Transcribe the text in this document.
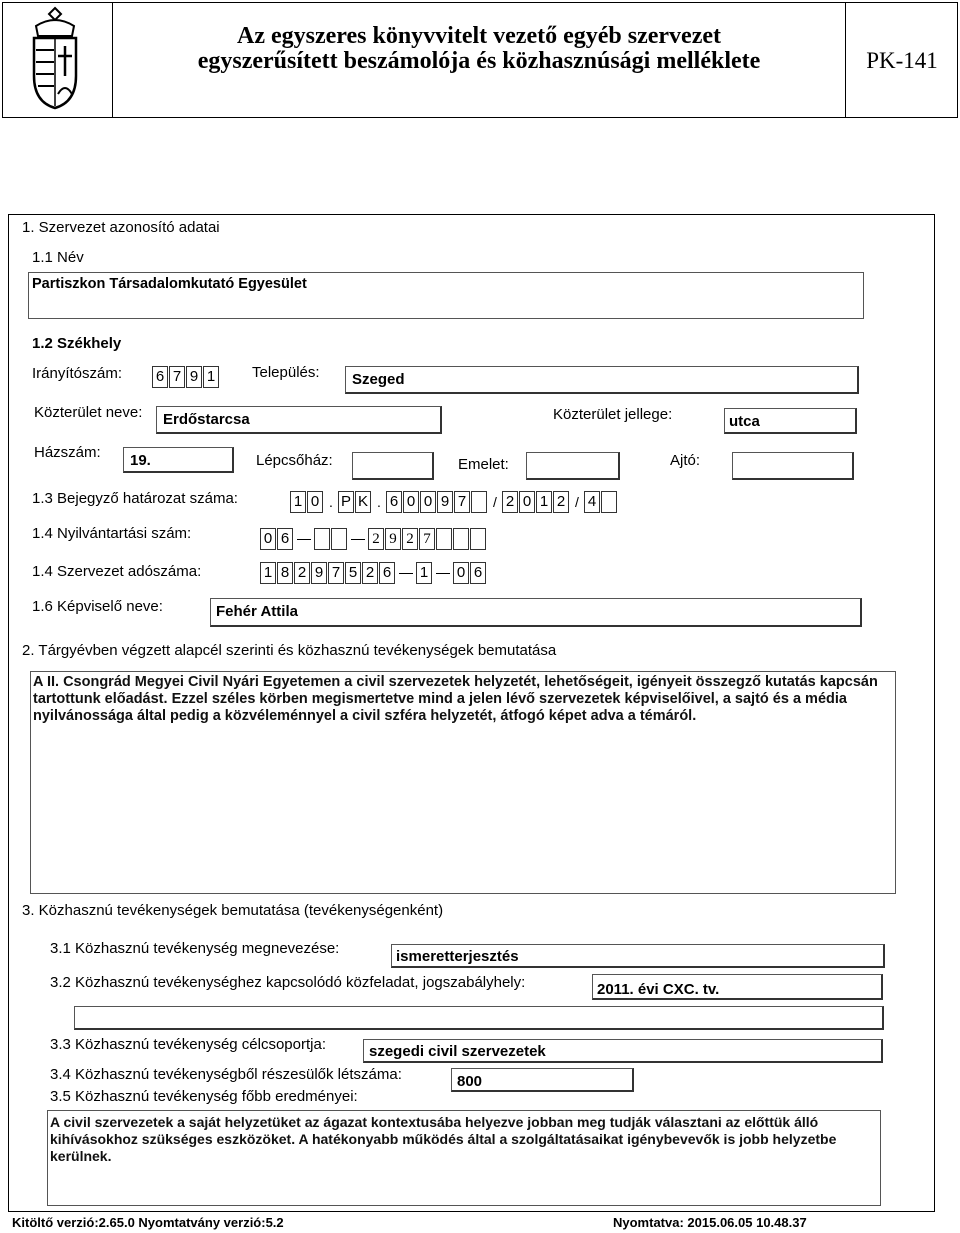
Az egyszeres könyvvitelt vezető egyéb szervezet
egyszerűsített beszámolója és közhasznúsági melléklete	PK-141
1. Szervezet azonosító adatai
1.1 Név
Partiszkon Társadalomkutató Egyesület
1.2 Székhely
Irányítószám: 6 7 9 1 Település:	Szeged
Közterület neve:	Erdőstarcsa	Közterület jellege:	utca
Házszám:	19.	Lépcsőház:	Emelet:	Ajtó:
1.3 Bejegyző határozat száma:	1 0 . P K . 6 0 0 9 7	/ 2 0 1 2 / 4
1.4 Nyilvántartási szám:	0 6	2 9 2 7
1.4 Szervezet adószáma:	1 8 2 9 7 5 2 6 1 0 6
1.6 Képviselő neve:	Fehér Attila
2. Tárgyévben végzett alapcél szerinti és közhasznú tevékenységek bemutatása
A II. Csongrád Megyei Civil Nyári Egyetemen a civil szervezetek helyzetét, lehetőségeit, igényeit összegző kutatás kapcsán tartottunk előadást. Ezzel széles körben megismertetve mind a jelen lévő szervezetek képviselőivel, a sajtó és a média nyilvánossága által pedig a közvéleménnyel a civil szféra helyzetét, átfogó képet adva a témáról.
3. Közhasznú tevékenységek bemutatása (tevékenységenként)
3.1 Közhasznú tevékenység megnevezése:	ismeretterjesztés
3.2 Közhasznú tevékenységhez kapcsolódó közfeladat, jogszabályhely:	2011. évi CXC. tv.
3.3 Közhasznú tevékenység célcsoportja:	szegedi civil szervezetek
3.4 Közhasznú tevékenységből részesülők létszáma:	800
3.5 Közhasznú tevékenység főbb eredményei:
A civil szervezetek a saját helyzetüket az ágazat kontextusába helyezve jobban meg tudják választani az előttük álló kihívásokhoz szükséges eszközöket. A hatékonyabb működés által a szolgáltatásaikat igénybevevők is jobb helyzetbe kerülnek.
Kitöltő verzió:2.65.0 Nyomtatvány verzió:5.2	Nyomtatva: 2015.06.05 10.48.37
